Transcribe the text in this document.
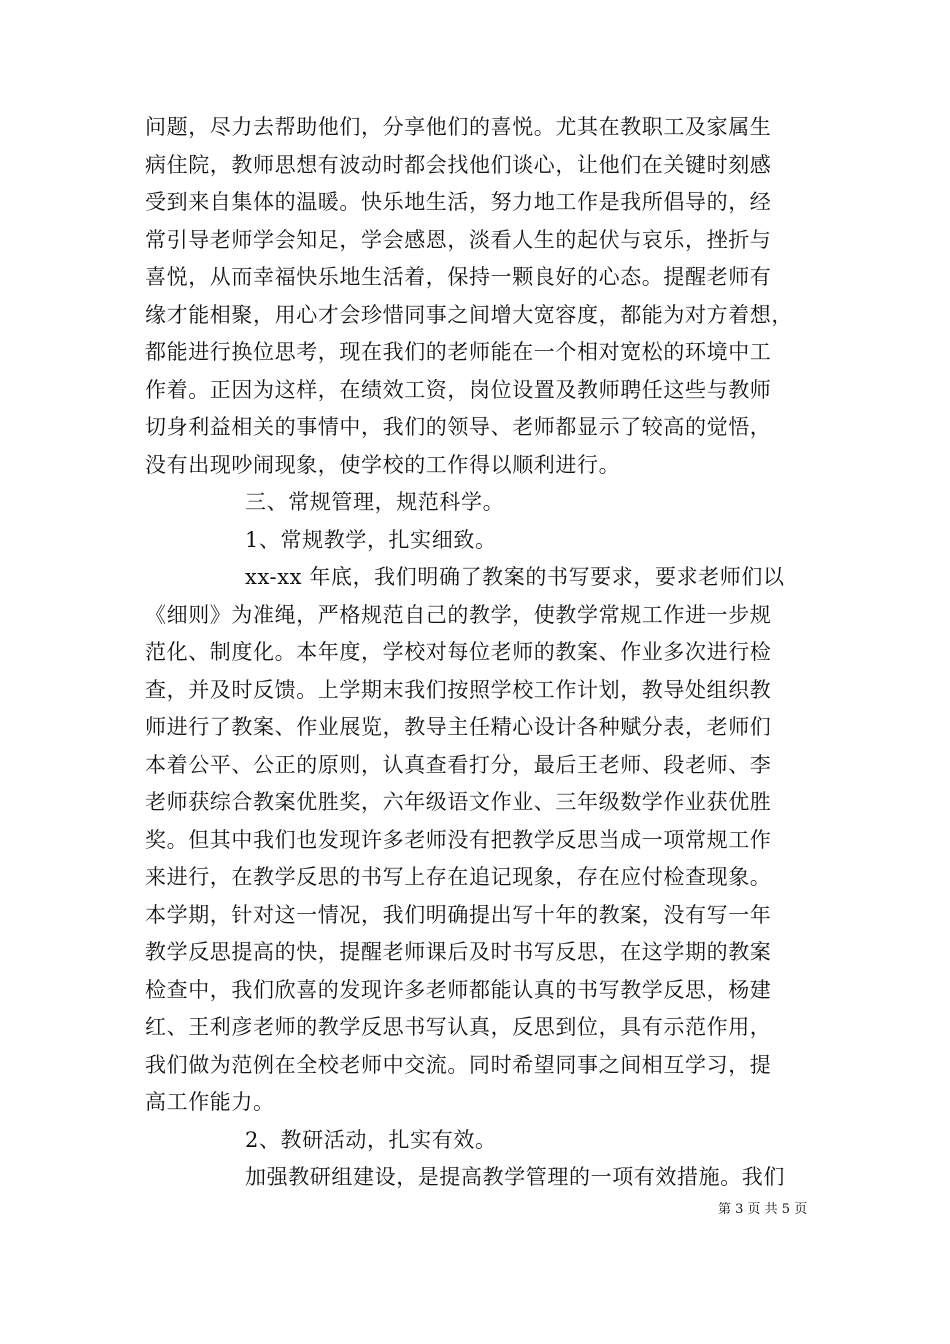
问题，尽力去帮助他们，分享他们的喜悦。尤其在教职工及家属生
病住院，教师思想有波动时都会找他们谈心，让他们在关键时刻感
受到来自集体的温暖。快乐地生活，努力地工作是我所倡导的，经
常引导老师学会知足，学会感恩，淡看人生的起伏与哀乐，挫折与
喜悦，从而幸福快乐地生活着，保持一颗良好的心态。提醒老师有
缘才能相聚，用心才会珍惜同事之间增大宽容度，都能为对方着想，
都能进行换位思考，现在我们的老师能在一个相对宽松的环境中工
作着。正因为这样，在绩效工资，岗位设置及教师聘任这些与教师
切身利益相关的事情中，我们的领导、老师都显示了较高的觉悟，
没有出现吵闹现象，使学校的工作得以顺利进行。
三、常规管理，规范科学。
1、常规教学，扎实细致。
xx-xx 年底，我们明确了教案的书写要求，要求老师们以
《细则》为准绳，严格规范自己的教学，使教学常规工作进一步规
范化、制度化。本年度，学校对每位老师的教案、作业多次进行检
查，并及时反馈。上学期末我们按照学校工作计划，教导处组织教
师进行了教案、作业展览，教导主任精心设计各种赋分表，老师们
本着公平、公正的原则，认真查看打分，最后王老师、段老师、李
老师获综合教案优胜奖，六年级语文作业、三年级数学作业获优胜
奖。但其中我们也发现许多老师没有把教学反思当成一项常规工作
来进行，在教学反思的书写上存在追记现象，存在应付检查现象。
本学期，针对这一情况，我们明确提出写十年的教案，没有写一年
教学反思提高的快，提醒老师课后及时书写反思，在这学期的教案
检查中，我们欣喜的发现许多老师都能认真的书写教学反思，杨建
红、王利彦老师的教学反思书写认真，反思到位，具有示范作用，
我们做为范例在全校老师中交流。同时希望同事之间相互学习，提
高工作能力。
2、教研活动，扎实有效。
加强教研组建设，是提高教学管理的一项有效措施。我们
第 3 页 共 5 页
